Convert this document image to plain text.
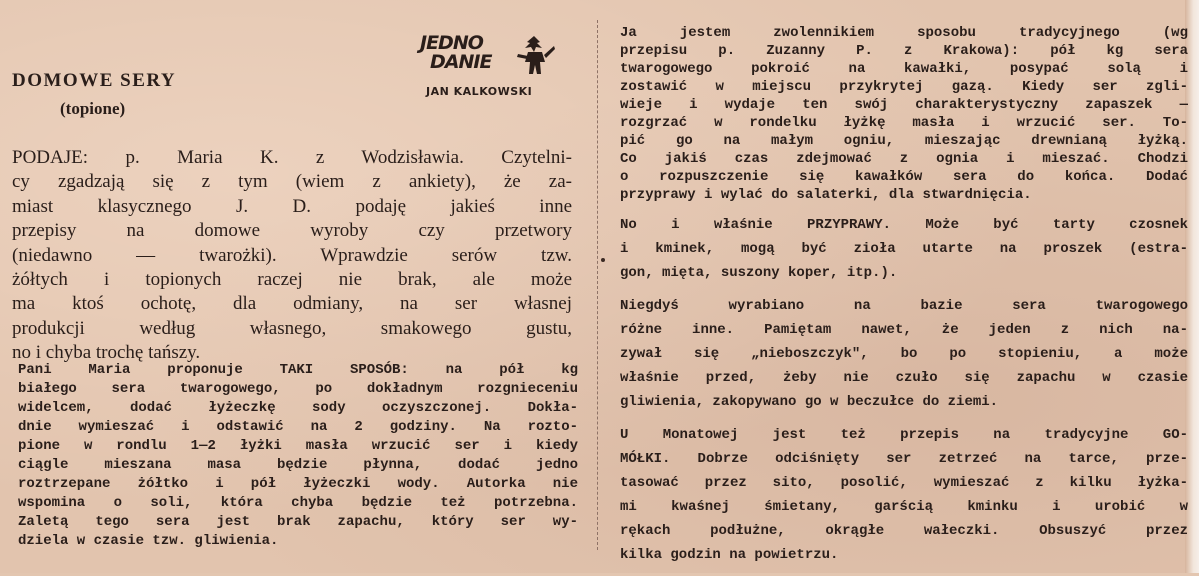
DOMOWE SERY
(topione)
JEDNO
DANIE
JAN KALKOWSKI

PODAJE: p. Maria K. z Wodzisławia. Czytelni-
cy zgadzają się z tym (wiem z ankiety), że za-
miast klasycznego J. D. podaję jakieś inne
przepisy na domowe wyroby czy przetwory
(niedawno — twarożki). Wprawdzie serów tzw.
żółtych i topionych raczej nie brak, ale może
ma ktoś ochotę, dla odmiany, na ser własnej
produkcji według własnego, smakowego gustu,
no i chyba trochę tańszy.

Pani Maria proponuje TAKI SPOSÓB: na pół kg
białego sera twarogowego, po dokładnym rozgnieceniu
widelcem, dodać łyżeczkę sody oczyszczonej. Dokła-
dnie wymieszać i odstawić na 2 godziny. Na rozto-
pione w rondlu 1—2 łyżki masła wrzucić ser i kiedy
ciągle mieszana masa będzie płynna, dodać jedno
roztrzepane żółtko i pół łyżeczki wody. Autorka nie
wspomina o soli, która chyba będzie też potrzebna.
Zaletą tego sera jest brak zapachu, który ser wy-
dziela w czasie tzw. gliwienia.
Ja jestem zwolennikiem sposobu tradycyjnego (wg
przepisu p. Zuzanny P. z Krakowa): pół kg sera
twarogowego pokroić na kawałki, posypać solą i
zostawić w miejscu przykrytej gazą. Kiedy ser zgli-
wieje i wydaje ten swój charakterystyczny zapaszek —
rozgrzać w rondelku łyżkę masła i wrzucić ser. To-
pić go na małym ogniu, mieszając drewnianą łyżką.
Co jakiś czas zdejmować z ognia i mieszać. Chodzi
o rozpuszczenie się kawałków sera do końca. Dodać
przyprawy i wylać do salaterki, dla stwardnięcia.
No i właśnie PRZYPRAWY. Może być tarty czosnek
i kminek, mogą być zioła utarte na proszek (estra-
gon, mięta, suszony koper, itp.).
Niegdyś wyrabiano na bazie sera twarogowego
różne inne. Pamiętam nawet, że jeden z nich na-
zywał się „nieboszczyk", bo po stopieniu, a może
właśnie przed, żeby nie czuło się zapachu w czasie
gliwienia, zakopywano go w beczułce do ziemi.
U Monatowej jest też przepis na tradycyjne GO-
MÓŁKI. Dobrze odciśnięty ser zetrzeć na tarce, prze-
tasować przez sito, posolić, wymieszać z kilku łyżka-
mi kwaśnej śmietany, garścią kminku i urobić w
rękach podłużne, okrągłe wałeczki. Obsuszyć przez
kilka godzin na powietrzu.
